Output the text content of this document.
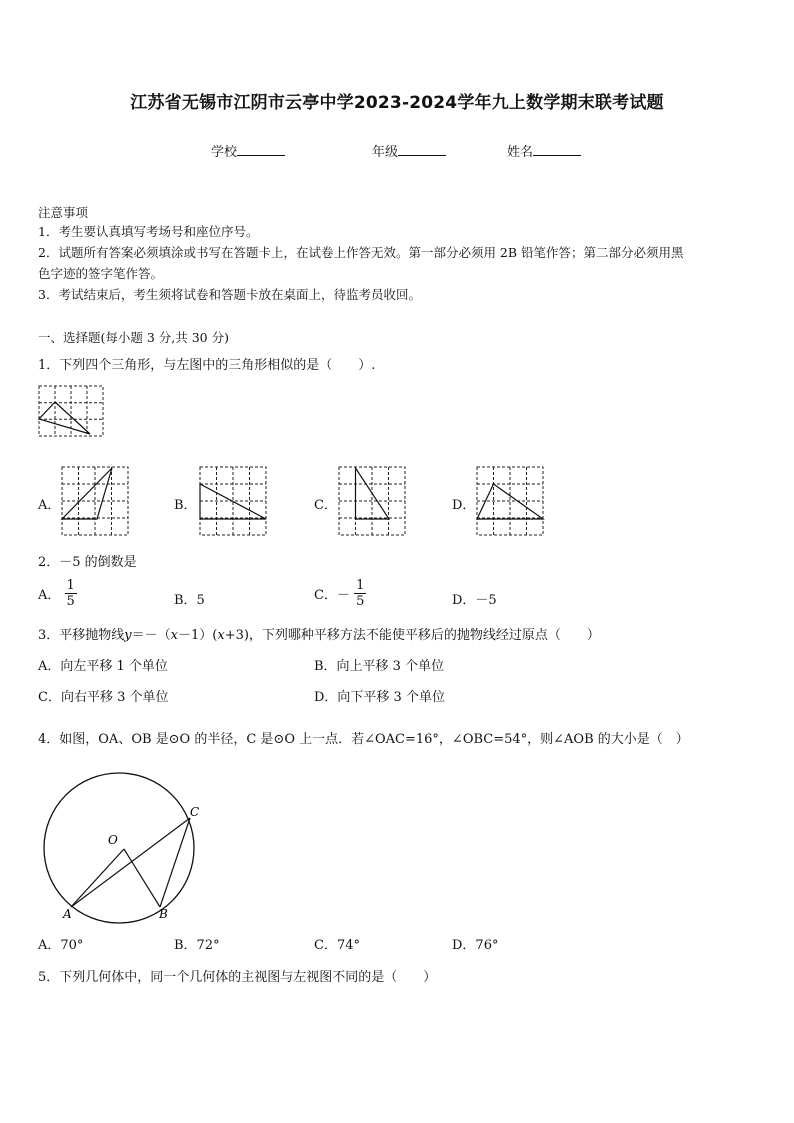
江苏省无锡市江阴市云亭中学2023-2024学年九上数学期末联考试题
学校	年级	姓名
注意事项
1．考生要认真填写考场号和座位序号。
2．试题所有答案必须填涂或书写在答题卡上，在试卷上作答无效。第一部分必须用 2B 铅笔作答；第二部分必须用黑
色字迹的签字笔作答。
3．考试结束后，考生须将试卷和答题卡放在桌面上，待监考员收回。
一、选择题(每小题 3 分,共 30 分)
1．下列四个三角形，与左图中的三角形相似的是（　　）.
A．	B．	C．	D．
2．－5 的倒数是
A． $\frac{1}{5}$	B．5	C．－ $\frac{1}{5}$	D．－5
3．平移抛物线y＝－（x－1）(x+3)，下列哪种平移方法不能使平移后的抛物线经过原点（　　）
A．向左平移 1 个单位	B．向上平移 3 个单位
C．向右平移 3 个单位	D．向下平移 3 个单位
4．如图，OA、OB 是⊙O 的半径，C 是⊙O 上一点．若∠OAC=16°，∠OBC=54°，则∠AOB 的大小是（　）
O
C
A	B
A．70°	B．72°	C．74°	D．76°
5．下列几何体中，同一个几何体的主视图与左视图不同的是（　　）
